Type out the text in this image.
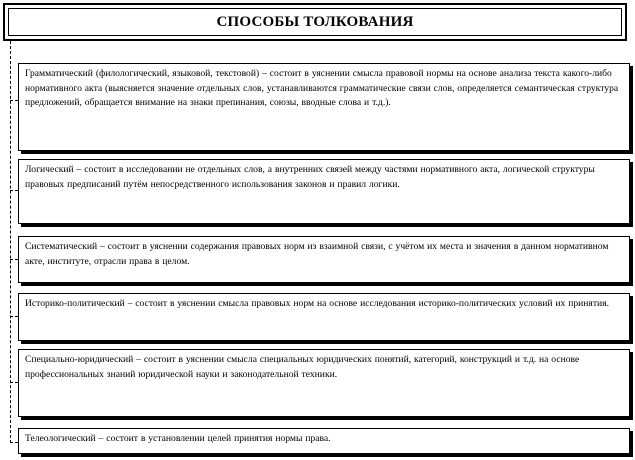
СПОСОБЫ ТОЛКОВАНИЯ
Грамматический (филологический, языковой, текстовой) – состоит в уяснении смысла правовой нормы на основе анализа текста какого-либо нормативного акта (выясняется значение отдельных слов, устанавливаются грамматические связи слов, определяется семантическая структура предложений, обращается внимание на знаки препинания, союзы, вводные слова и т.д.).
Логический – состоит в исследовании не отдельных слов, а внутренних связей между частями нормативного акта, логической структуры правовых предписаний путём непосредственного использования законов и правил логики.
Систематический – состоит в уяснении содержания правовых норм из взаимной связи, с учётом их места и значения в данном нормативном акте, институте, отрасли права в целом.
Историко-политический – состоит в уяснении смысла правовых норм на основе исследования историко-политических условий их принятия.
Специально-юридический – состоит в уяснении смысла специальных юридических понятий, категорий, конструкций и т.д. на основе профессиональных знаний юридической науки и законодательной техники.
Телеологический – состоит в установлении целей принятия нормы права.
